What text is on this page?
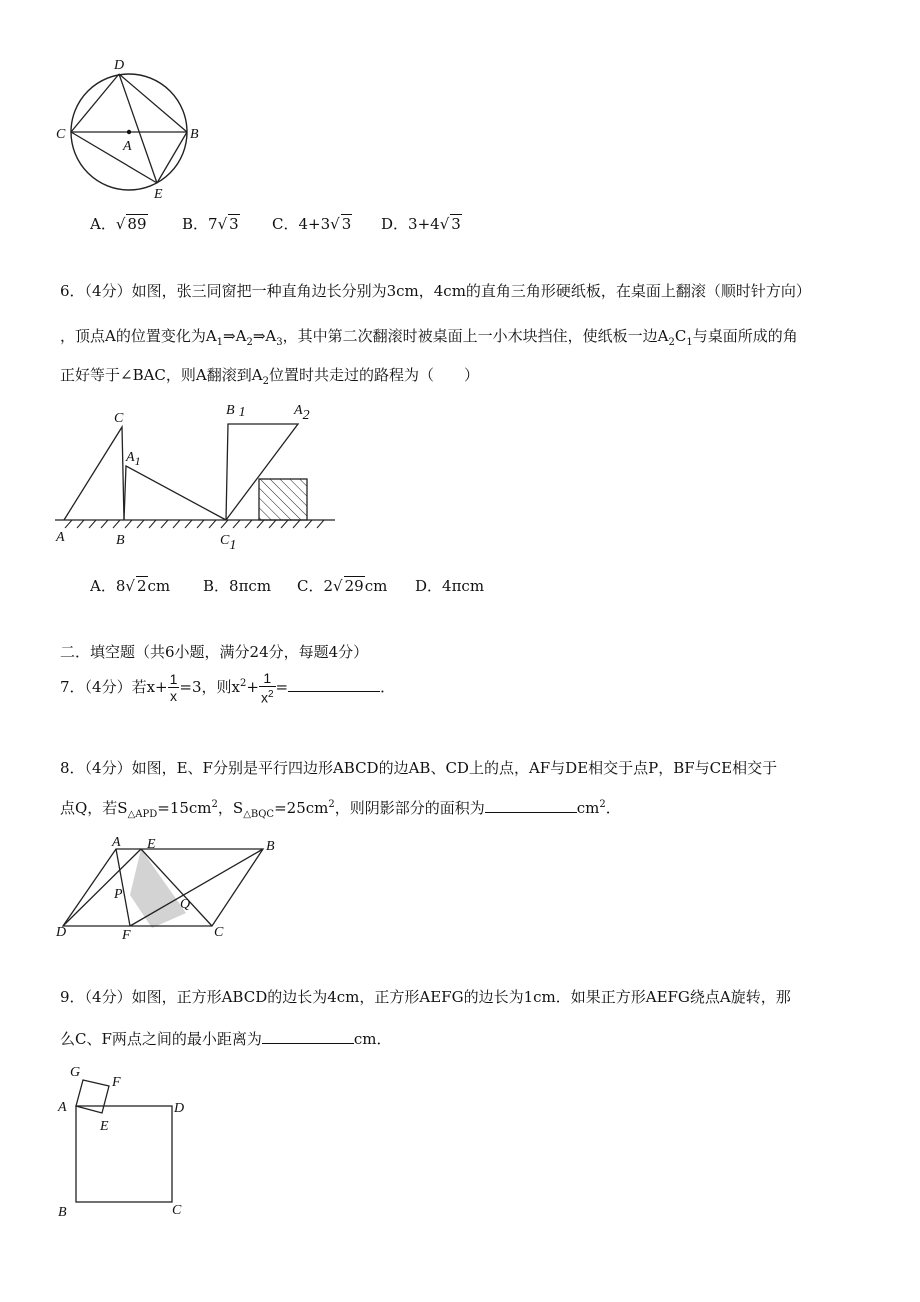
D
C
A
B
E
A．√ 89 B．7√ 3 C．4+3√ 3 D．3+4√ 3
6．（4分）如图，张三同窗把一种直角边长分别为3cm，4cm的直角三角形硬纸板，在桌面上翻滚（顺时针方向）
，顶点A的位置变化为$A_1\Rightarrow A_2\Rightarrow A_3$，其中第二次翻滚时被桌面上一小木块挡住，使纸板一边$A_2C_1$与桌面所成的角
正好等于∠BAC，则A翻滚到$A_2$位置时共走过的路程为（　　）
C
A1
B 1	A2
A	B	C1
A．8√ 2cm B．8πcm C．2√ 29cm D．4πcm
二．填空题（共6小题，满分24分，每题4分）
7．（4分）若$x+ \frac{1}{x} =3$，则$x^2+ \frac{1}{x^2}$ =	．
8．（4分）如图，E、F分别是平行四边形ABCD的边AB、CD上的点，AF与DE相交于点P，BF与CE相交于
点Q，若$S_{\triangle APD}=15cm^2$，$S_{\triangle BQC}=25cm^2$，则阴影部分的面积为	$cm^2$．
A E	B
P
Q
D	F	C
9．（4分）如图，正方形ABCD的边长为4cm，正方形AEFG的边长为1cm．如果正方形AEFG绕点A旋转，那
么C、F两点之间的最小距离为	cm．
G
F
A	D
E
B	C
